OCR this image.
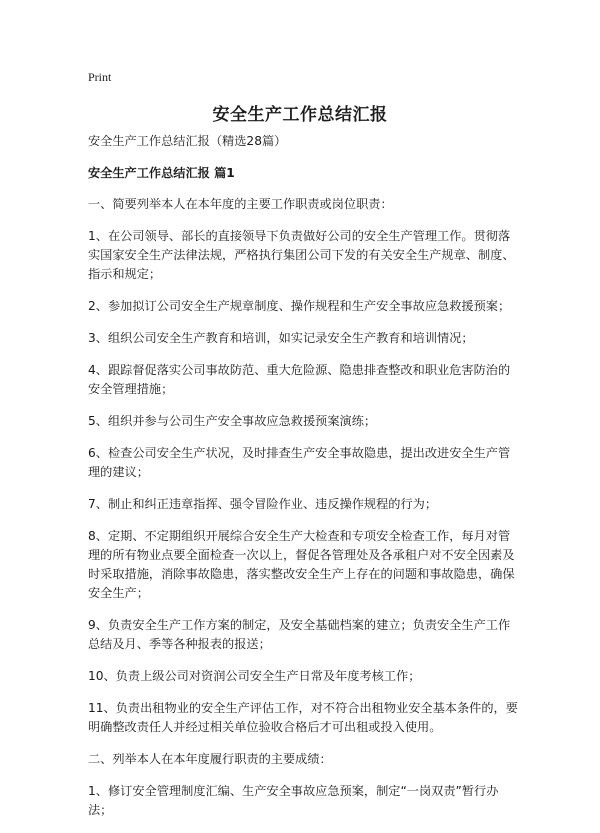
Print
安全生产工作总结汇报

安全生产工作总结汇报（精选28篇）

安全生产工作总结汇报 篇1

一、简要列举本人在本年度的主要工作职责或岗位职责：

1、在公司领导、部长的直接领导下负责做好公司的安全生产管理工作。贯彻落实国家安全生产法律法规，严格执行集团公司下发的有关安全生产规章、制度、指示和规定；

2、参加拟订公司安全生产规章制度、操作规程和生产安全事故应急救援预案；

3、组织公司安全生产教育和培训，如实记录安全生产教育和培训情况；

4、跟踪督促落实公司事故防范、重大危险源、隐患排查整改和职业危害防治的安全管理措施；

5、组织并参与公司生产安全事故应急救援预案演练；

6、检查公司安全生产状况，及时排查生产安全事故隐患，提出改进安全生产管理的建议；

7、制止和纠正违章指挥、强令冒险作业、违反操作规程的行为；

8、定期、不定期组织开展综合安全生产大检查和专项安全检查工作，每月对管理的所有物业点要全面检查一次以上，督促各管理处及各承租户对不安全因素及时采取措施，消除事故隐患，落实整改安全生产上存在的问题和事故隐患，确保安全生产；

9、负责安全生产工作方案的制定，及安全基础档案的建立；负责安全生产工作总结及月、季等各种报表的报送；

10、负责上级公司对资润公司安全生产日常及年度考核工作；

11、负责出租物业的安全生产评估工作，对不符合出租物业安全基本条件的，要明确整改责任人并经过相关单位验收合格后才可出租或投入使用。

二、列举本人在本年度履行职责的主要成绩：

1、修订安全管理制度汇编、生产安全事故应急预案，制定“一岗双责”暂行办法；
